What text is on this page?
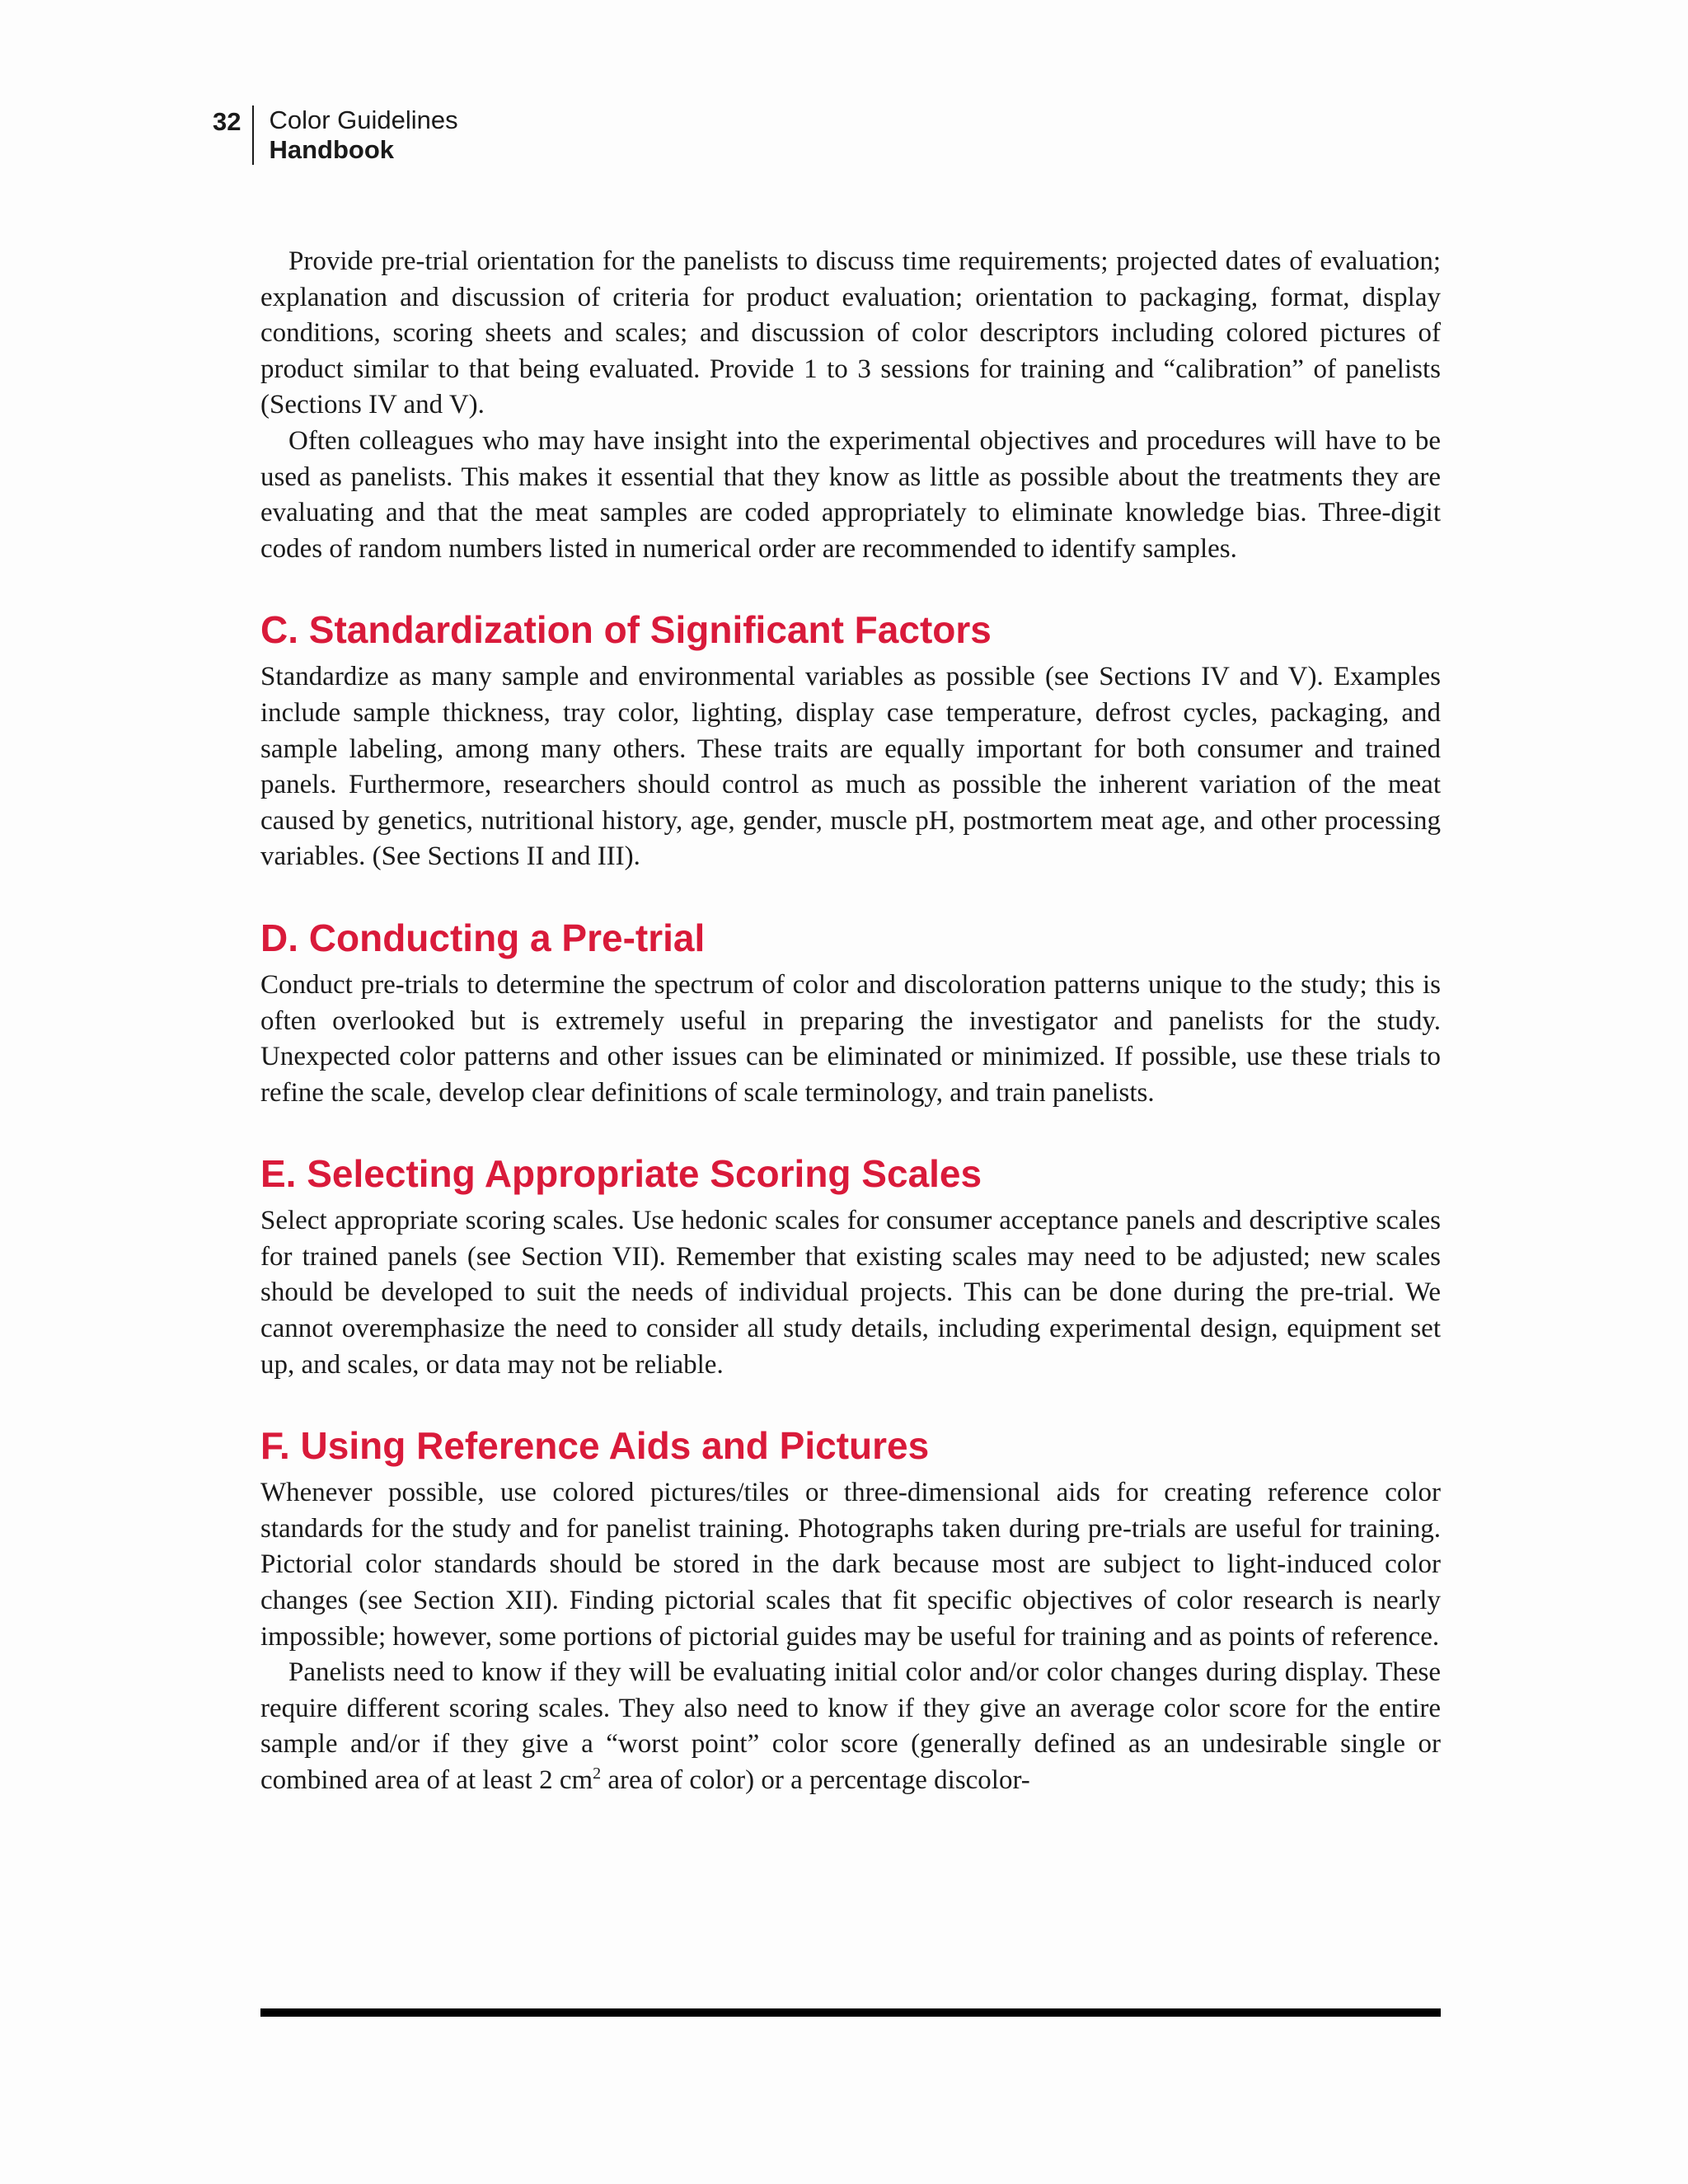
32	Color Guidelines
Handbook

Provide pre-trial orientation for the panelists to discuss time requirements; projected dates of evaluation; explanation and discussion of criteria for product evaluation; orientation to packaging, format, display conditions, scoring sheets and scales; and discussion of color descriptors including colored pictures of product similar to that being evaluated. Provide 1 to 3 sessions for training and “calibration” of panelists (Sections IV and V).

Often colleagues who may have insight into the experimental objectives and procedures will have to be used as panelists. This makes it essential that they know as little as possible about the treatments they are evaluating and that the meat samples are coded appropriately to eliminate knowledge bias. Three-digit codes of random numbers listed in numerical order are recommended to identify samples.

C. Standardization of Significant Factors

Standardize as many sample and environmental variables as possible (see Sections IV and V). Examples include sample thickness, tray color, lighting, display case temperature, defrost cycles, packaging, and sample labeling, among many others. These traits are equally important for both consumer and trained panels. Furthermore, researchers should control as much as possible the inherent variation of the meat caused by genetics, nutritional history, age, gender, muscle pH, postmortem meat age, and other processing variables. (See Sections II and III).

D. Conducting a Pre-trial

Conduct pre-trials to determine the spectrum of color and discoloration patterns unique to the study; this is often overlooked but is extremely useful in preparing the investigator and panelists for the study. Unexpected color patterns and other issues can be eliminated or minimized. If possible, use these trials to refine the scale, develop clear definitions of scale terminology, and train panelists.

E. Selecting Appropriate Scoring Scales

Select appropriate scoring scales. Use hedonic scales for consumer acceptance panels and descriptive scales for trained panels (see Section VII). Remember that existing scales may need to be adjusted; new scales should be developed to suit the needs of individual projects. This can be done during the pre-trial. We cannot overemphasize the need to consider all study details, including experimental design, equipment set up, and scales, or data may not be reliable.

F. Using Reference Aids and Pictures

Whenever possible, use colored pictures/tiles or three-dimensional aids for creating reference color standards for the study and for panelist training. Photographs taken during pre-trials are useful for training. Pictorial color standards should be stored in the dark because most are subject to light-induced color changes (see Section XII). Finding pictorial scales that fit specific objectives of color research is nearly impossible; however, some portions of pictorial guides may be useful for training and as points of reference.

Panelists need to know if they will be evaluating initial color and/or color changes during display. These require different scoring scales. They also need to know if they give an average color score for the entire sample and/or if they give a “worst point” color score (generally defined as an undesirable single or combined area of at least 2 $cm^2$ area of color) or a percentage discolor-
